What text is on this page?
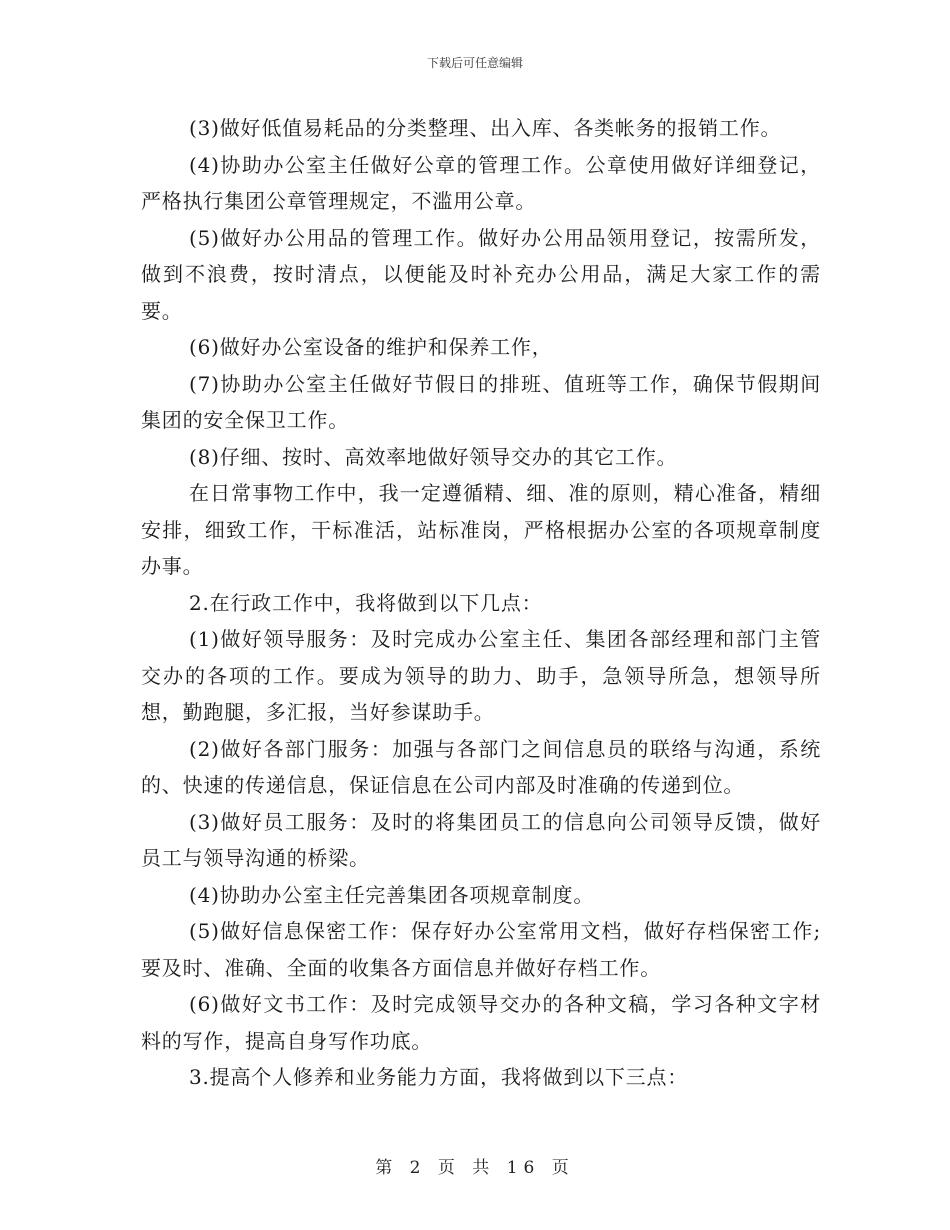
下载后可任意编辑

(3)做好低值易耗品的分类整理、出入库、各类帐务的报销工作。

(4)协助办公室主任做好公章的管理工作。公章使用做好详细登记，严格执行集团公章管理规定，不滥用公章。

(5)做好办公用品的管理工作。做好办公用品领用登记，按需所发，做到不浪费，按时清点，以便能及时补充办公用品，满足大家工作的需要。

(6)做好办公室设备的维护和保养工作，

(7)协助办公室主任做好节假日的排班、值班等工作，确保节假期间集团的安全保卫工作。

(8)仔细、按时、高效率地做好领导交办的其它工作。

在日常事物工作中，我一定遵循精、细、准的原则，精心准备，精细安排，细致工作，干标准活，站标准岗，严格根据办公室的各项规章制度办事。

2.在行政工作中，我将做到以下几点：

(1)做好领导服务：及时完成办公室主任、集团各部经理和部门主管交办的各项的工作。要成为领导的助力、助手，急领导所急，想领导所想，勤跑腿，多汇报，当好参谋助手。

(2)做好各部门服务：加强与各部门之间信息员的联络与沟通，系统的、快速的传递信息，保证信息在公司内部及时准确的传递到位。

(3)做好员工服务：及时的将集团员工的信息向公司领导反馈，做好员工与领导沟通的桥梁。

(4)协助办公室主任完善集团各项规章制度。

(5)做好信息保密工作：保存好办公室常用文档，做好存档保密工作;要及时、准确、全面的收集各方面信息并做好存档工作。

(6)做好文书工作：及时完成领导交办的各种文稿，学习各种文字材料的写作，提高自身写作功底。

3.提高个人修养和业务能力方面，我将做到以下三点：

第 2 页 共 16 页
